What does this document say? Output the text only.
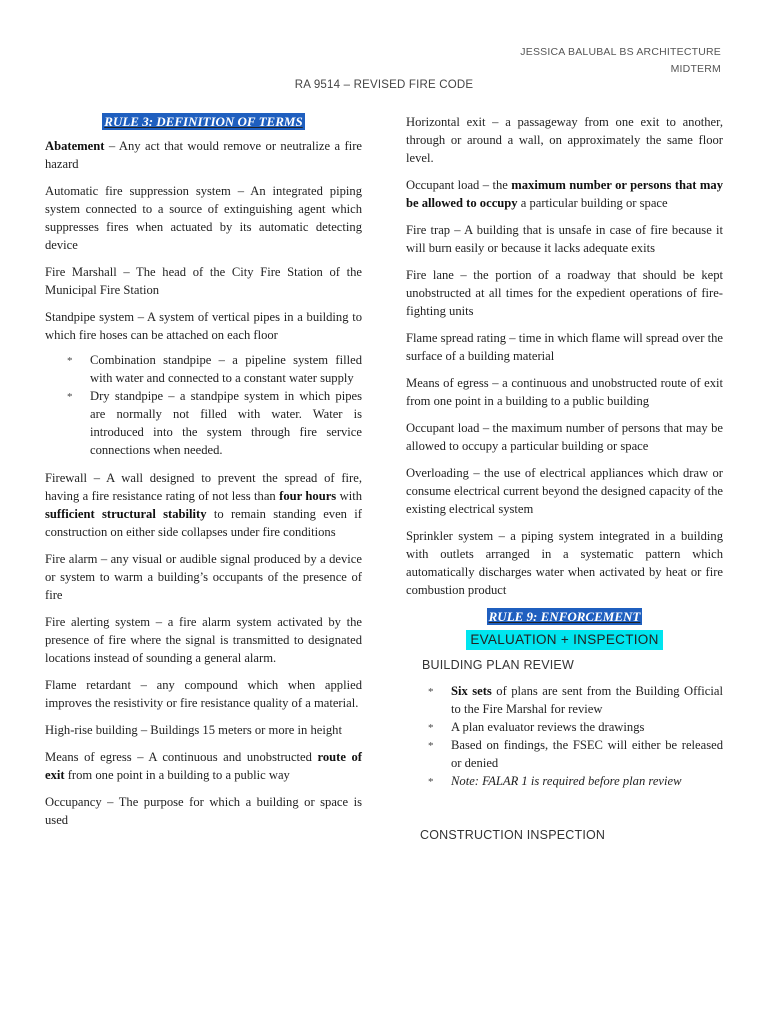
JESSICA BALUBAL BS ARCHITECTURE
MIDTERM
RA 9514 – REVISED FIRE CODE
RULE 3: DEFINITION OF TERMS

Abatement – Any act that would remove or neutralize a fire hazard

Automatic fire suppression system – An integrated piping system connected to a source of extinguishing agent which suppresses fires when actuated by its automatic detecting device

Fire Marshall – The head of the City Fire Station of the Municipal Fire Station

Standpipe system – A system of vertical pipes in a building to which fire hoses can be attached on each floor

* Combination standpipe – a pipeline system filled with water and connected to a constant water supply
* Dry standpipe – a standpipe system in which pipes are normally not filled with water. Water is introduced into the system through fire service connections when needed.

Firewall – A wall designed to prevent the spread of fire, having a fire resistance rating of not less than four hours with sufficient structural stability to remain standing even if construction on either side collapses under fire conditions

Fire alarm – any visual or audible signal produced by a device or system to warm a building’s occupants of the presence of fire

Fire alerting system – a fire alarm system activated by the presence of fire where the signal is transmitted to designated locations instead of sounding a general alarm.

Flame retardant – any compound which when applied improves the resistivity or fire resistance quality of a material.

High-rise building – Buildings 15 meters or more in height

Means of egress – A continuous and unobstructed route of exit from one point in a building to a public way

Occupancy – The purpose for which a building or space is used

Horizontal exit – a passageway from one exit to another, through or around a wall, on approximately the same floor level.

Occupant load – the maximum number or persons that may be allowed to occupy a particular building or space

Fire trap – A building that is unsafe in case of fire because it will burn easily or because it lacks adequate exits

Fire lane – the portion of a roadway that should be kept unobstructed at all times for the expedient operations of fire-fighting units

Flame spread rating – time in which flame will spread over the surface of a building material

Means of egress – a continuous and unobstructed route of exit from one point in a building to a public building

Occupant load – the maximum number of persons that may be allowed to occupy a particular building or space

Overloading – the use of electrical appliances which draw or consume electrical current beyond the designed capacity of the existing electrical system

Sprinkler system – a piping system integrated in a building with outlets arranged in a systematic pattern which automatically discharges water when activated by heat or fire combustion product

RULE 9: ENFORCEMENT
EVALUATION + INSPECTION
BUILDING PLAN REVIEW
* Six sets of plans are sent from the Building Official to the Fire Marshal for review
* A plan evaluator reviews the drawings
* Based on findings, the FSEC will either be released or denied
* Note: FALAR 1 is required before plan review
CONSTRUCTION INSPECTION
